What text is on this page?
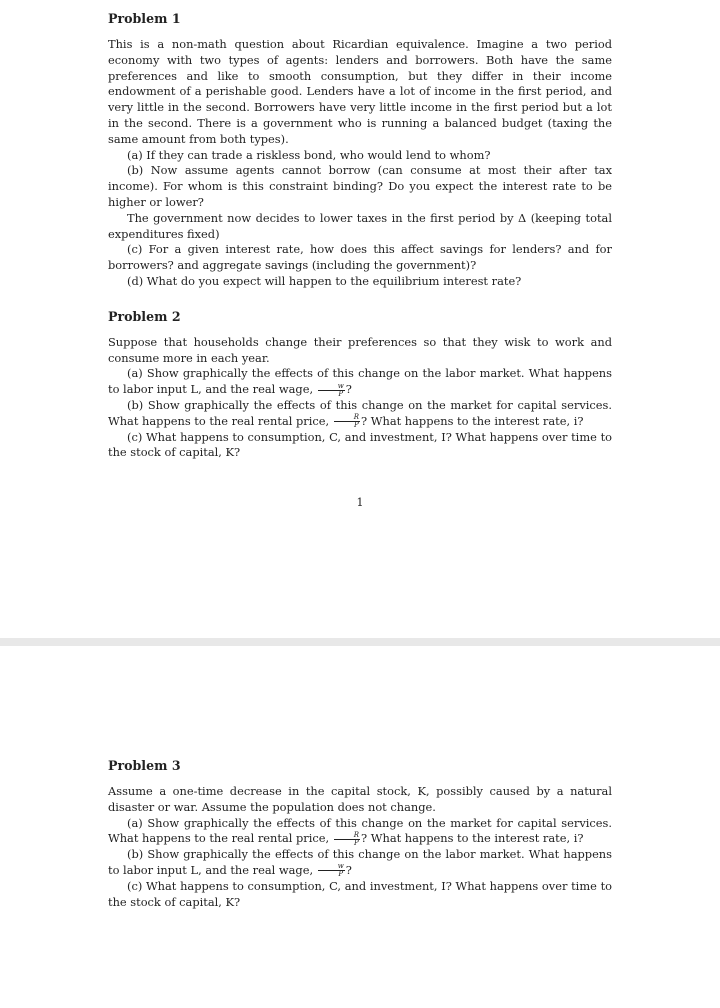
Problem 1

This is a non-math question about Ricardian equivalence. Imagine a two period economy with two types of agents: lenders and borrowers. Both have the same preferences and like to smooth consumption, but they differ in their income endowment of a perishable good. Lenders have a lot of income in the first period, and very little in the second. Borrowers have very little income in the first period but a lot in the second. There is a government who is running a balanced budget (taxing the same amount from both types).

(a) If they can trade a riskless bond, who would lend to whom?

(b) Now assume agents cannot borrow (can consume at most their after tax income). For whom is this constraint binding? Do you expect the interest rate to be higher or lower?

The government now decides to lower taxes in the first period by Δ (keeping total expenditures fixed)

(c) For a given interest rate, how does this affect savings for lenders? and for borrowers? and aggregate savings (including the government)?

(d) What do you expect will happen to the equilibrium interest rate?

Problem 2

Suppose that households change their preferences so that they wisk to work and consume more in each year.

(a) Show graphically the effects of this change on the labor market. What happens to labor input L, and the real wage, $\frac{w}{P}$ ?

(b) Show graphically the effects of this change on the market for capital services. What happens to the real rental price, $\frac{R}{P}$ ? What happens to the interest rate, i?

(c) What happens to consumption, C, and investment, I? What happens over time to the stock of capital, K?

1
Problem 3

Assume a one-time decrease in the capital stock, K, possibly caused by a natural disaster or war. Assume the population does not change.

(a) Show graphically the effects of this change on the market for capital services. What happens to the real rental price, $\frac{R}{P}$ ? What happens to the interest rate, i?

(b) Show graphically the effects of this change on the labor market. What happens to labor input L, and the real wage, $\frac{w}{P}$ ?

(c) What happens to consumption, C, and investment, I? What happens over time to the stock of capital, K?
